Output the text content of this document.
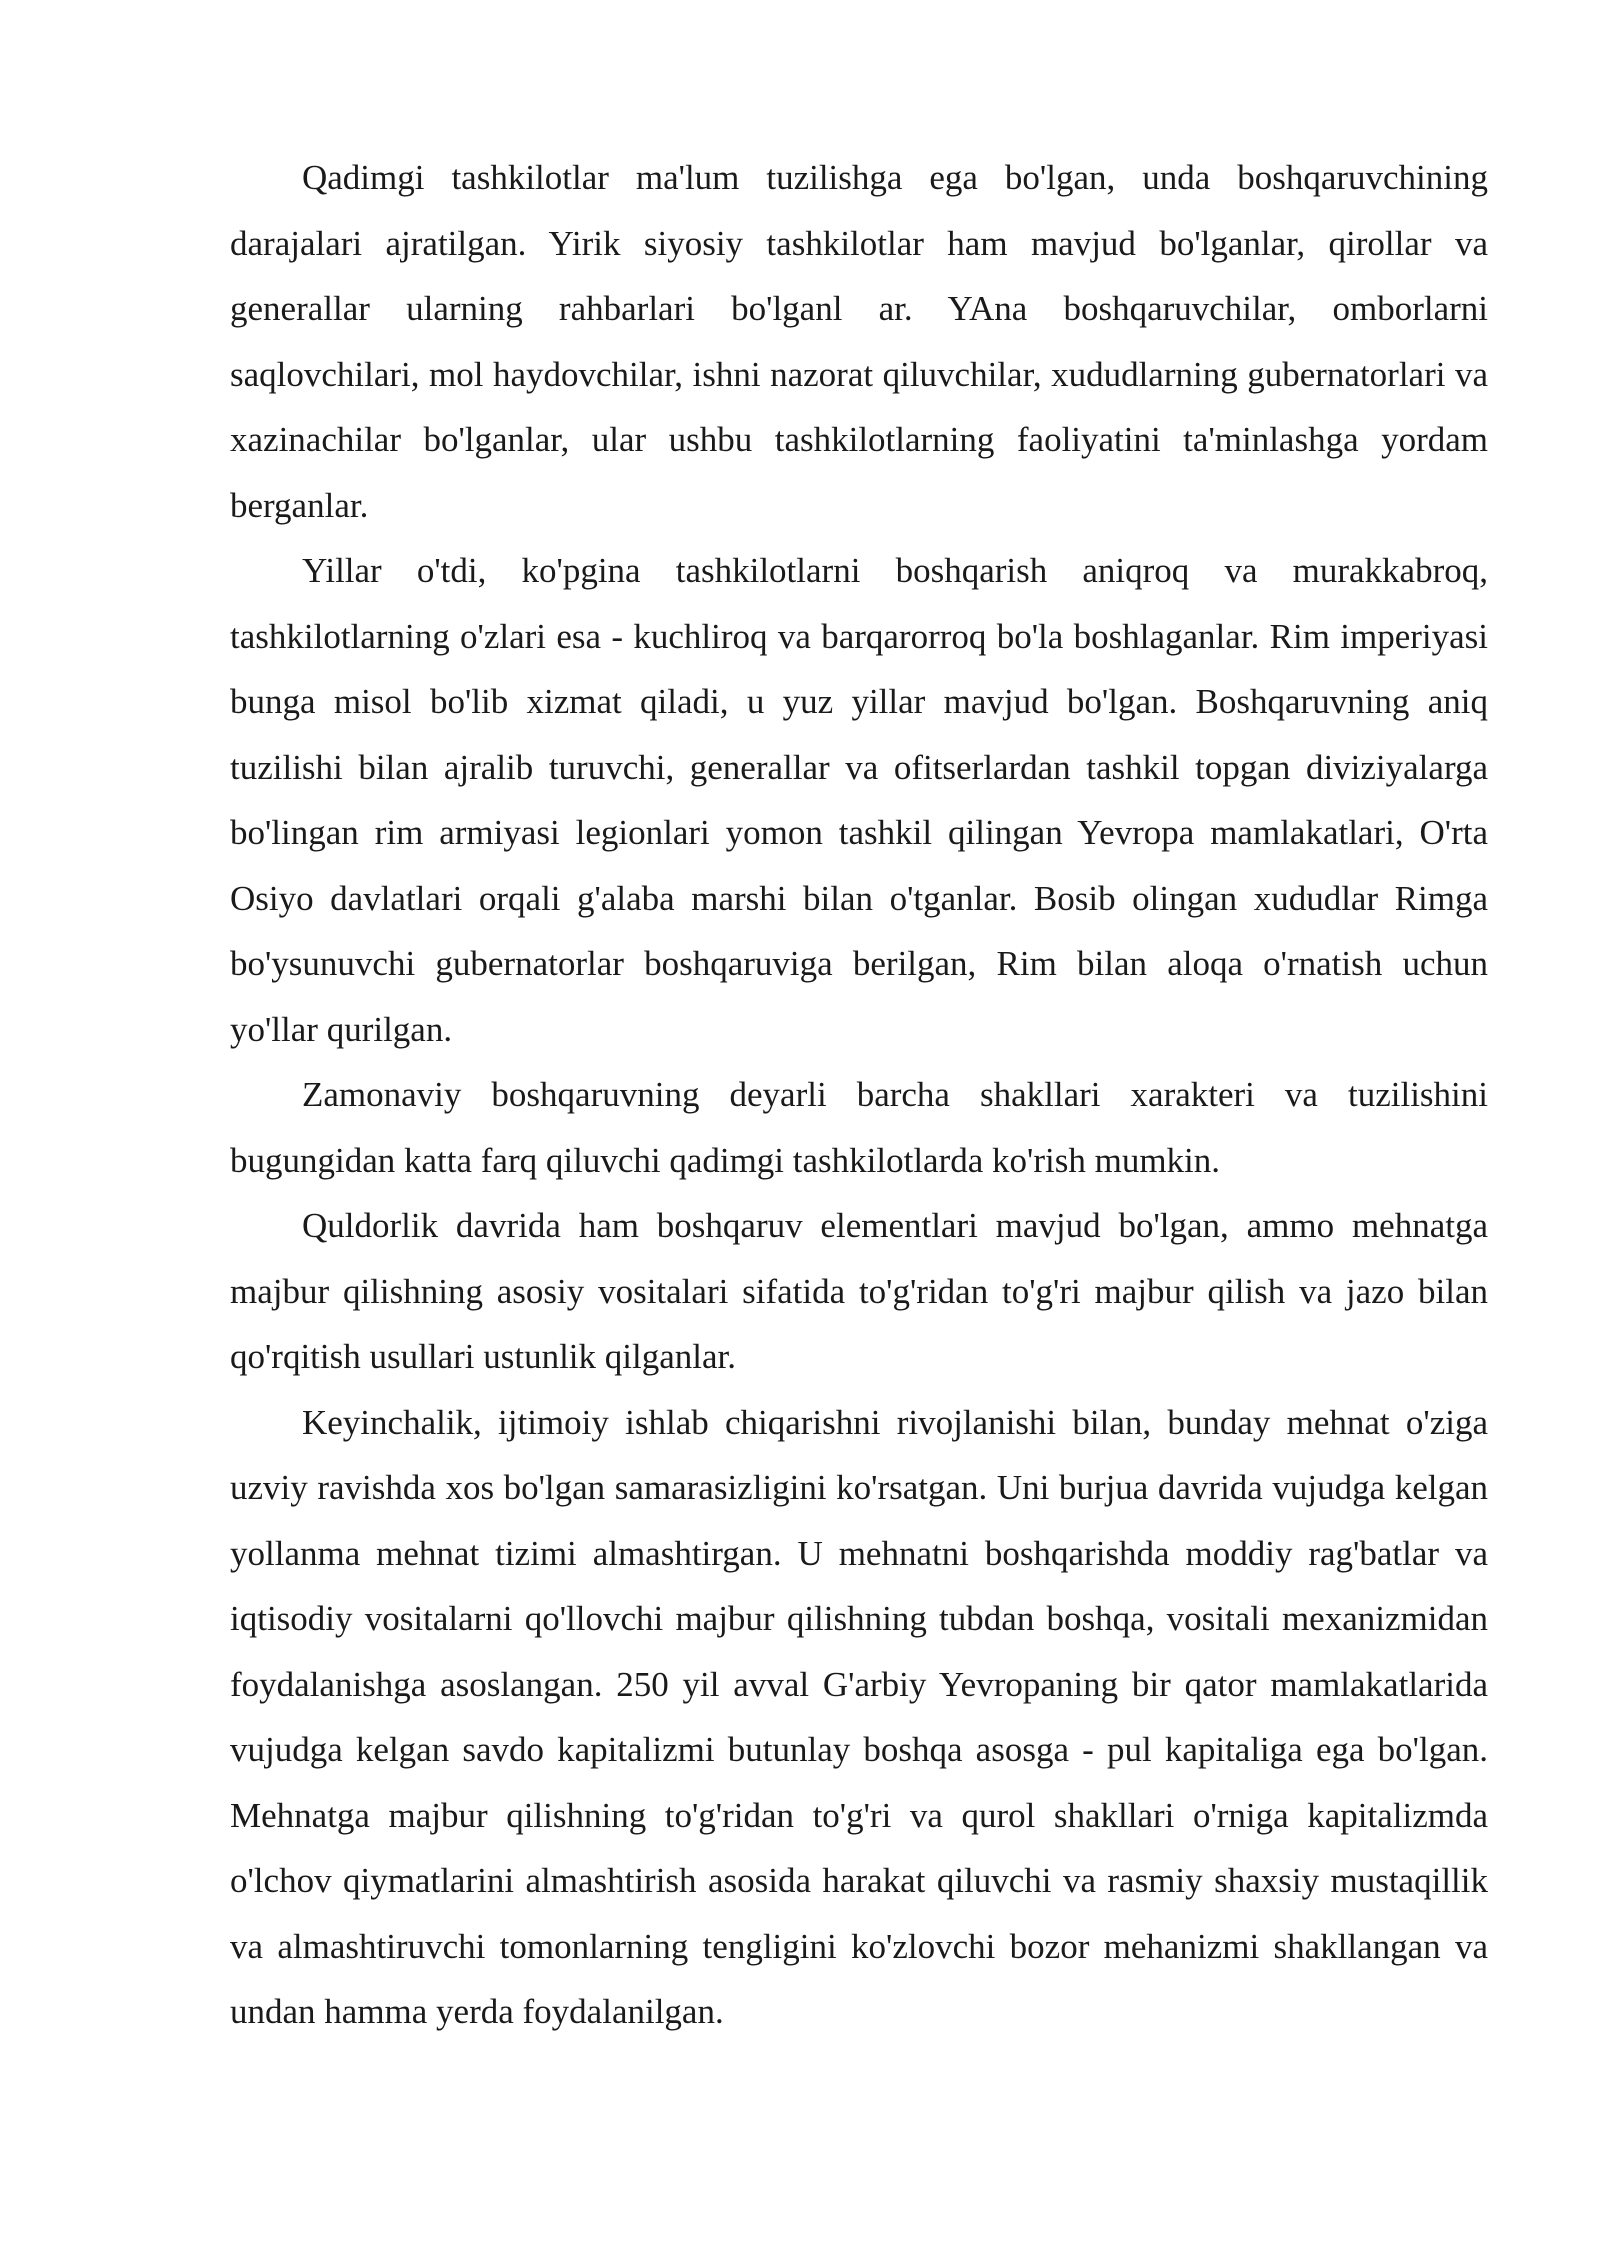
Qadimgi tashkilotlar ma'lum tuzilishga ega bo'lgan, unda boshqaruvchining darajalari ajratilgan. Yirik siyosiy tashkilotlar ham mavjud bo'lganlar, qirollar va generallar ularning rahbarlari bo'lganl ar. YAna boshqaruvchilar, omborlarni saqlovchilari, mol haydovchilar, ishni nazorat qiluvchilar, xududlarning gubernatorlari va xazinachilar bo'lganlar, ular ushbu tashkilotlarning faoliyatini ta'minlashga yordam berganlar.

Yillar o'tdi, ko'pgina tashkilotlarni boshqarish aniqroq va murakkabroq, tashkilotlarning o'zlari esa - kuchliroq va barqarorroq bo'la boshlaganlar. Rim imperiyasi bunga misol bo'lib xizmat qiladi, u yuz yillar mavjud bo'lgan. Boshqaruvning aniq tuzilishi bilan ajralib turuvchi, generallar va ofitserlardan tashkil topgan diviziyalarga bo'lingan rim armiyasi legionlari yomon tashkil qilingan Yevropa mamlakatlari, O'rta Osiyo davlatlari orqali g'alaba marshi bilan o'tganlar. Bosib olingan xududlar Rimga bo'ysunuvchi gubernatorlar boshqaruviga berilgan, Rim bilan aloqa o'rnatish uchun yo'llar qurilgan.

Zamonaviy boshqaruvning deyarli barcha shakllari xarakteri va tuzilishini bugungidan katta farq qiluvchi qadimgi tashkilotlarda ko'rish mumkin.

Quldorlik davrida ham boshqaruv elementlari mavjud bo'lgan, ammo mehnatga majbur qilishning asosiy vositalari sifatida to'g'ridan to'g'ri majbur qilish va jazo bilan qo'rqitish usullari ustunlik qilganlar.

Keyinchalik, ijtimoiy ishlab chiqarishni rivojlanishi bilan, bunday mehnat o'ziga uzviy ravishda xos bo'lgan samarasizligini ko'rsatgan. Uni burjua davrida vujudga kelgan yollanma mehnat tizimi almashtirgan. U mehnatni boshqarishda moddiy rag'batlar va iqtisodiy vositalarni qo'llovchi majbur qilishning tubdan boshqa, vositali mexanizmidan foydalanishga asoslangan. 250 yil avval G'arbiy Yevropaning bir qator mamlakatlarida vujudga kelgan savdo kapitalizmi butunlay boshqa asosga - pul kapitaliga ega bo'lgan. Mehnatga majbur qilishning to'g'ridan to'g'ri va qurol shakllari o'rniga kapitalizmda o'lchov qiymatlarini almashtirish asosida harakat qiluvchi va rasmiy shaxsiy mustaqillik va almashtiruvchi tomonlarning tengligini ko'zlovchi bozor mehanizmi shakllangan va undan hamma yerda foydalanilgan.
